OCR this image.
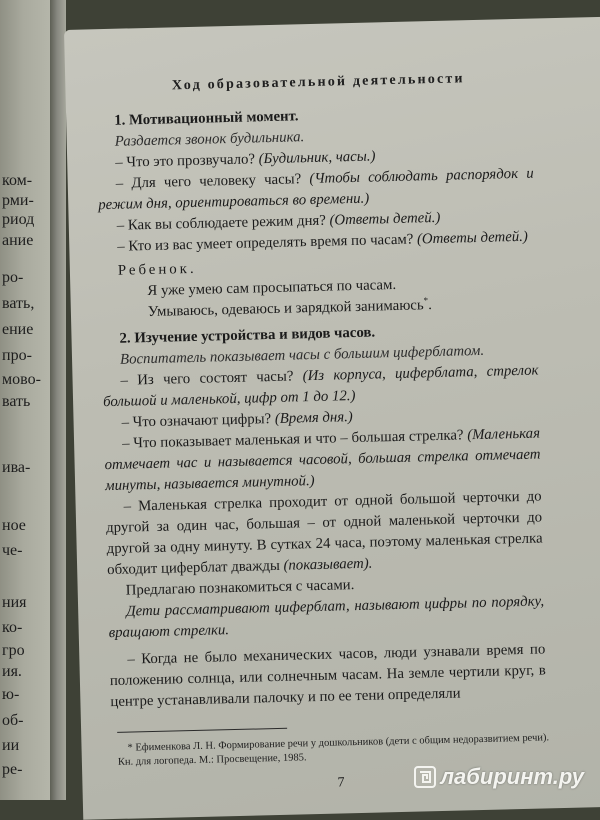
ком-
рми-
риод
ание
ро-
вать,
ение
про-
мово-
вать
ива-
ное
че-
ния
ко-
гро
ия.
ю-
об-
ии
ре-
Ход образовательной деятельности
1. Мотивационный момент.
Раздается звонок будильника.

– Что это прозвучало? (Будильник, часы.)

– Для чего человеку часы? (Чтобы соблюдать распорядок и режим дня, ориентироваться во времени.)

– Как вы соблюдаете режим дня? (Ответы детей.)

– Кто из вас умеет определять время по часам? (Ответы детей.)

Ребенок.
Я уже умею сам просыпаться по часам.
Умываюсь, одеваюсь и зарядкой занимаюсь*.
2. Изучение устройства и видов часов.
Воспитатель показывает часы с большим циферблатом.

– Из чего состоят часы? (Из корпуса, циферблата, стрелок большой и маленькой, цифр от 1 до 12.)

– Что означают цифры? (Время дня.)

– Что показывает маленькая и что – большая стрелка? (Маленькая отмечает час и называется часовой, большая стрелка отмечает минуты, называется минутной.)

– Маленькая стрелка проходит от одной большой черточки до другой за один час, большая – от одной маленькой черточки до другой за одну минуту. В сутках 24 часа, поэтому маленькая стрелка обходит циферблат дважды (показывает).

Предлагаю познакомиться с часами.

Дети рассматривают циферблат, называют цифры по порядку, вращают стрелки.

– Когда не было механических часов, люди узнавали время по положению солнца, или солнечным часам. На земле чертили круг, в центре устанавливали палочку и по ее тени определяли

* Ефименкова Л. Н. Формирование речи у дошкольников (дети с общим недоразвитием речи). Кн. для логопеда. М.: Просвещение, 1985.
7	лабиринт.ру
